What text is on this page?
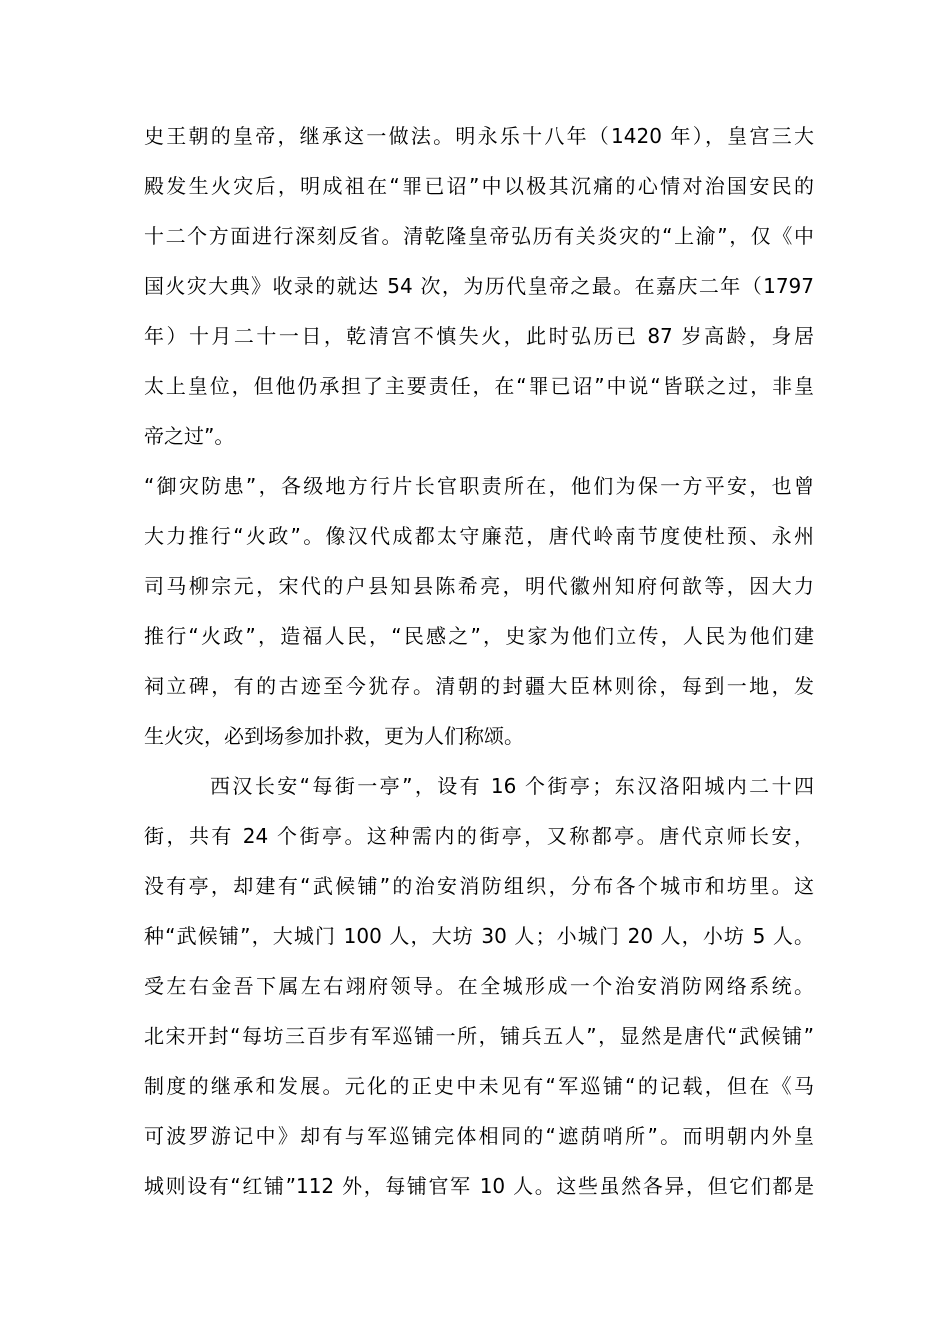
史王朝的皇帝，继承这一做法。明永乐十八年（1420 年），皇宫三大
殿发生火灾后，明成祖在“罪已诏”中以极其沉痛的心情对治国安民的
十二个方面进行深刻反省。清乾隆皇帝弘历有关炎灾的“上渝”，仅《中
国火灾大典》收录的就达 54 次，为历代皇帝之最。在嘉庆二年（1797
年）十月二十一日，乾清宫不慎失火，此时弘历已 87 岁高龄，身居
太上皇位，但他仍承担了主要责任，在“罪已诏”中说“皆联之过，非皇
帝之过”。
“御灾防患”，各级地方行片长官职责所在，他们为保一方平安，也曾
大力推行“火政”。像汉代成都太守廉范，唐代岭南节度使杜预、永州
司马柳宗元，宋代的户县知县陈希亮，明代徽州知府何歆等，因大力
推行“火政”，造福人民，“民感之”，史家为他们立传，人民为他们建
祠立碑，有的古迹至今犹存。清朝的封疆大臣林则徐，每到一地，发
生火灾，必到场参加扑救，更为人们称颂。
西汉长安“每街一亭”，设有 16 个街亭；东汉洛阳城内二十四
街，共有 24 个街亭。这种需内的街亭，又称都亭。唐代京师长安，
没有亭，却建有“武候铺”的治安消防组织，分布各个城市和坊里。这
种“武候铺”，大城门 100 人，大坊 30 人；小城门 20 人，小坊 5 人。
受左右金吾下属左右翊府领导。在全城形成一个治安消防网络系统。
北宋开封“每坊三百步有军巡铺一所，铺兵五人”，显然是唐代“武候铺”
制度的继承和发展。元化的正史中未见有“军巡铺“的记载，但在《马
可波罗游记中》却有与军巡铺完体相同的“遮荫哨所”。而明朝内外皇
城则设有“红铺”112 外，每铺官军 10 人。这些虽然各异，但它们都是
